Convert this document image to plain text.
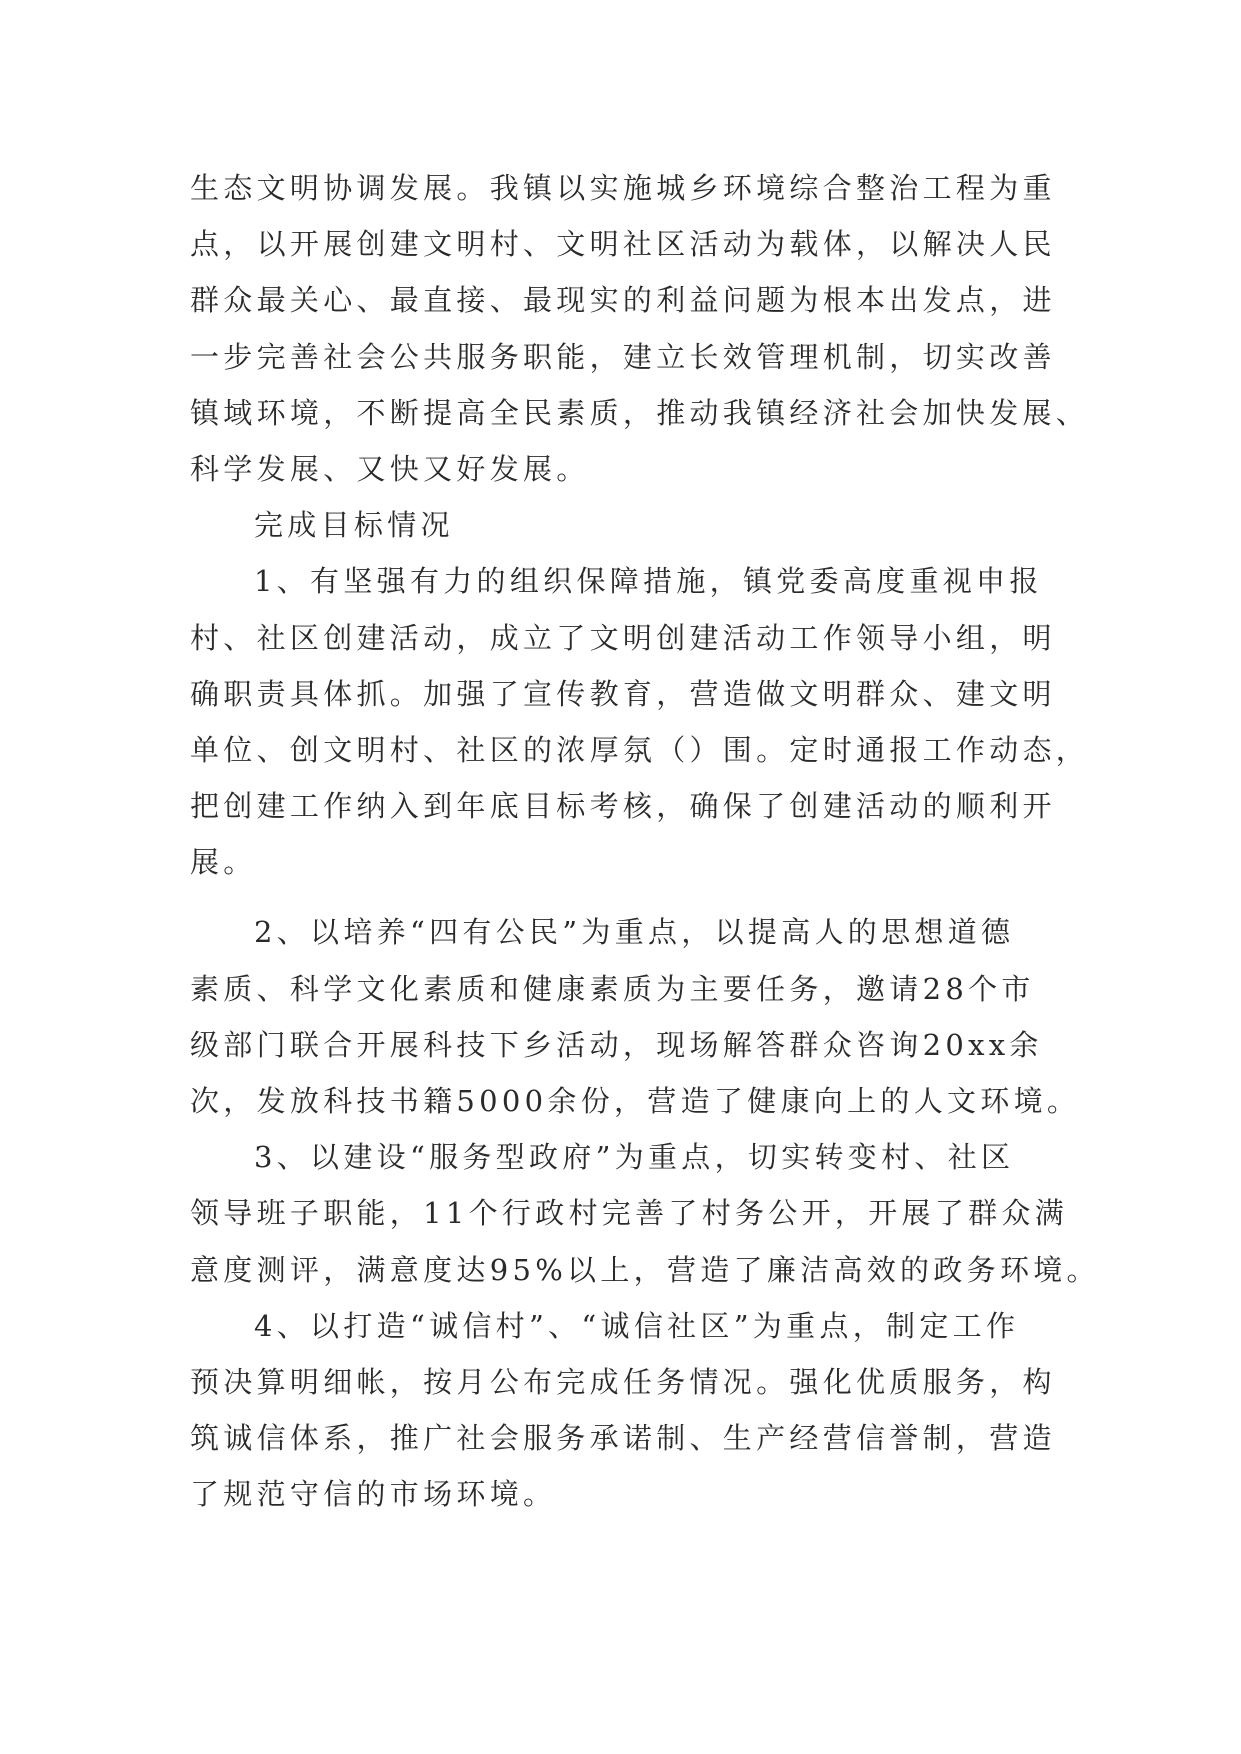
生态文明协调发展。我镇以实施城乡环境综合整治工程为重
点，以开展创建文明村、文明社区活动为载体，以解决人民
群众最关心、最直接、最现实的利益问题为根本出发点，进
一步完善社会公共服务职能，建立长效管理机制，切实改善
镇域环境，不断提高全民素质，推动我镇经济社会加快发展、
科学发展、又快又好发展。
完成目标情况
1、有坚强有力的组织保障措施，镇党委高度重视申报
村、社区创建活动，成立了文明创建活动工作领导小组，明
确职责具体抓。加强了宣传教育，营造做文明群众、建文明
单位、创文明村、社区的浓厚氛（）围。定时通报工作动态，
把创建工作纳入到年底目标考核，确保了创建活动的顺利开
展。
2、以培养“四有公民”为重点，以提高人的思想道德
素质、科学文化素质和健康素质为主要任务，邀请28个市
级部门联合开展科技下乡活动，现场解答群众咨询20xx余
次，发放科技书籍5000余份，营造了健康向上的人文环境。
3、以建设“服务型政府”为重点，切实转变村、社区
领导班子职能，11个行政村完善了村务公开，开展了群众满
意度测评，满意度达95%以上，营造了廉洁高效的政务环境。
4、以打造“诚信村”、“诚信社区”为重点，制定工作
预决算明细帐，按月公布完成任务情况。强化优质服务，构
筑诚信体系，推广社会服务承诺制、生产经营信誉制，营造
了规范守信的市场环境。
